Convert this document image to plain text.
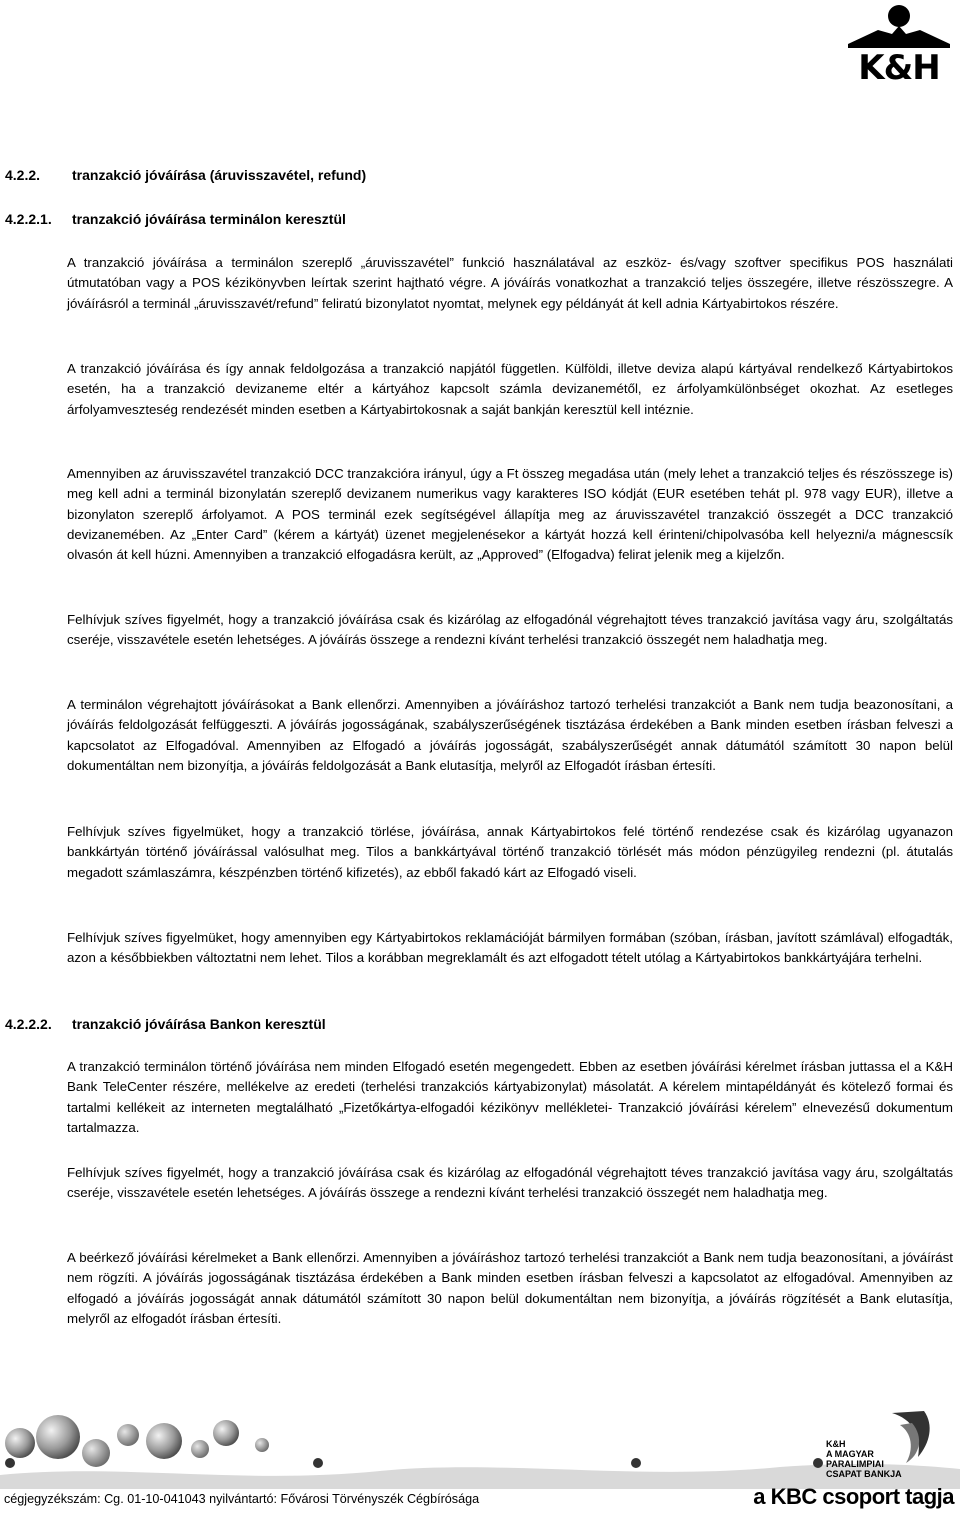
K&H
4.2.2. tranzakció jóváírása (áruvisszavétel, refund)
4.2.2.1. tranzakció jóváírása terminálon keresztül

A tranzakció jóváírása a terminálon szereplő „áruvisszavétel” funkció használatával az eszköz- és/vagy szoftver specifikus POS használati útmutatóban vagy a POS kézikönyvben leírtak szerint hajtható végre. A jóváírás vonatkozhat a tranzakció teljes összegére, illetve részösszegre. A jóváírásról a terminál „áruvisszavét/refund” feliratú bizonylatot nyomtat, melynek egy példányát át kell adnia Kártyabirtokos részére.

A tranzakció jóváírása és így annak feldolgozása a tranzakció napjától független. Külföldi, illetve deviza alapú kártyával rendelkező Kártyabirtokos esetén, ha a tranzakció devizaneme eltér a kártyához kapcsolt számla devizanemétől, ez árfolyamkülönbséget okozhat. Az esetleges árfolyamveszteség rendezését minden esetben a Kártyabirtokosnak a saját bankján keresztül kell intéznie.

Amennyiben az áruvisszavétel tranzakció DCC tranzakcióra irányul, úgy a Ft összeg megadása után (mely lehet a tranzakció teljes és részösszege is) meg kell adni a terminál bizonylatán szereplő devizanem numerikus vagy karakteres ISO kódját (EUR esetében tehát pl. 978 vagy EUR), illetve a bizonylaton szereplő árfolyamot. A POS terminál ezek segítségével állapítja meg az áruvisszavétel tranzakció összegét a DCC tranzakció devizanemében. Az „Enter Card” (kérem a kártyát) üzenet megjelenésekor a kártyát hozzá kell érinteni/chipolvasóba kell helyezni/a mágnescsík olvasón át kell húzni. Amennyiben a tranzakció elfogadásra került, az „Approved” (Elfogadva) felirat jelenik meg a kijelzőn.

Felhívjuk szíves figyelmét, hogy a tranzakció jóváírása csak és kizárólag az elfogadónál végrehajtott téves tranzakció javítása vagy áru, szolgáltatás cseréje, visszavétele esetén lehetséges. A jóváírás összege a rendezni kívánt terhelési tranzakció összegét nem haladhatja meg.

A terminálon végrehajtott jóváírásokat a Bank ellenőrzi. Amennyiben a jóváíráshoz tartozó terhelési tranzakciót a Bank nem tudja beazonosítani, a jóváírás feldolgozását felfüggeszti. A jóváírás jogosságának, szabályszerűségének tisztázása érdekében a Bank minden esetben írásban felveszi a kapcsolatot az Elfogadóval. Amennyiben az Elfogadó a jóváírás jogosságát, szabályszerűségét annak dátumától számított 30 napon belül dokumentáltan nem bizonyítja, a jóváírás feldolgozását a Bank elutasítja, melyről az Elfogadót írásban értesíti.

Felhívjuk szíves figyelmüket, hogy a tranzakció törlése, jóváírása, annak Kártyabirtokos felé történő rendezése csak és kizárólag ugyanazon bankkártyán történő jóváírással valósulhat meg. Tilos a bankkártyával történő tranzakció törlését más módon pénzügyileg rendezni (pl. átutalás megadott számlaszámra, készpénzben történő kifizetés), az ebből fakadó kárt az Elfogadó viseli.

Felhívjuk szíves figyelmüket, hogy amennyiben egy Kártyabirtokos reklamációját bármilyen formában (szóban, írásban, javított számlával) elfogadták, azon a későbbiekben változtatni nem lehet. Tilos a korábban megreklamált és azt elfogadott tételt utólag a Kártyabirtokos bankkártyájára terhelni.

4.2.2.2. tranzakció jóváírása Bankon keresztül

A tranzakció terminálon történő jóváírása nem minden Elfogadó esetén megengedett. Ebben az esetben jóváírási kérelmet írásban juttassa el a K&H Bank TeleCenter részére, mellékelve az eredeti (terhelési tranzakciós kártyabizonylat) másolatát. A kérelem mintapéldányát és kötelező formai és tartalmi kellékeit az interneten megtalálható „Fizetőkártya-elfogadói kézikönyv mellékletei- Tranzakció jóváírási kérelem” elnevezésű dokumentum tartalmazza.

Felhívjuk szíves figyelmét, hogy a tranzakció jóváírása csak és kizárólag az elfogadónál végrehajtott téves tranzakció javítása vagy áru, szolgáltatás cseréje, visszavétele esetén lehetséges. A jóváírás összege a rendezni kívánt terhelési tranzakció összegét nem haladhatja meg.

A beérkező jóváírási kérelmeket a Bank ellenőrzi. Amennyiben a jóváíráshoz tartozó terhelési tranzakciót a Bank nem tudja beazonosítani, a jóváírást nem rögzíti. A jóváírás jogosságának tisztázása érdekében a Bank minden esetben írásban felveszi a kapcsolatot az elfogadóval. Amennyiben az elfogadó a jóváírás jogosságát annak dátumától számított 30 napon belül dokumentáltan nem bizonyítja, a jóváírás rögzítését a Bank elutasítja, melyről az elfogadót írásban értesíti.

K&H
A MAGYAR
PARALIMPIAI
CSAPAT BANKJA
cégjegyzékszám: Cg. 01-10-041043 nyilvántartó: Fővárosi Törvényszék Cégbírósága	a KBC csoport tagja
